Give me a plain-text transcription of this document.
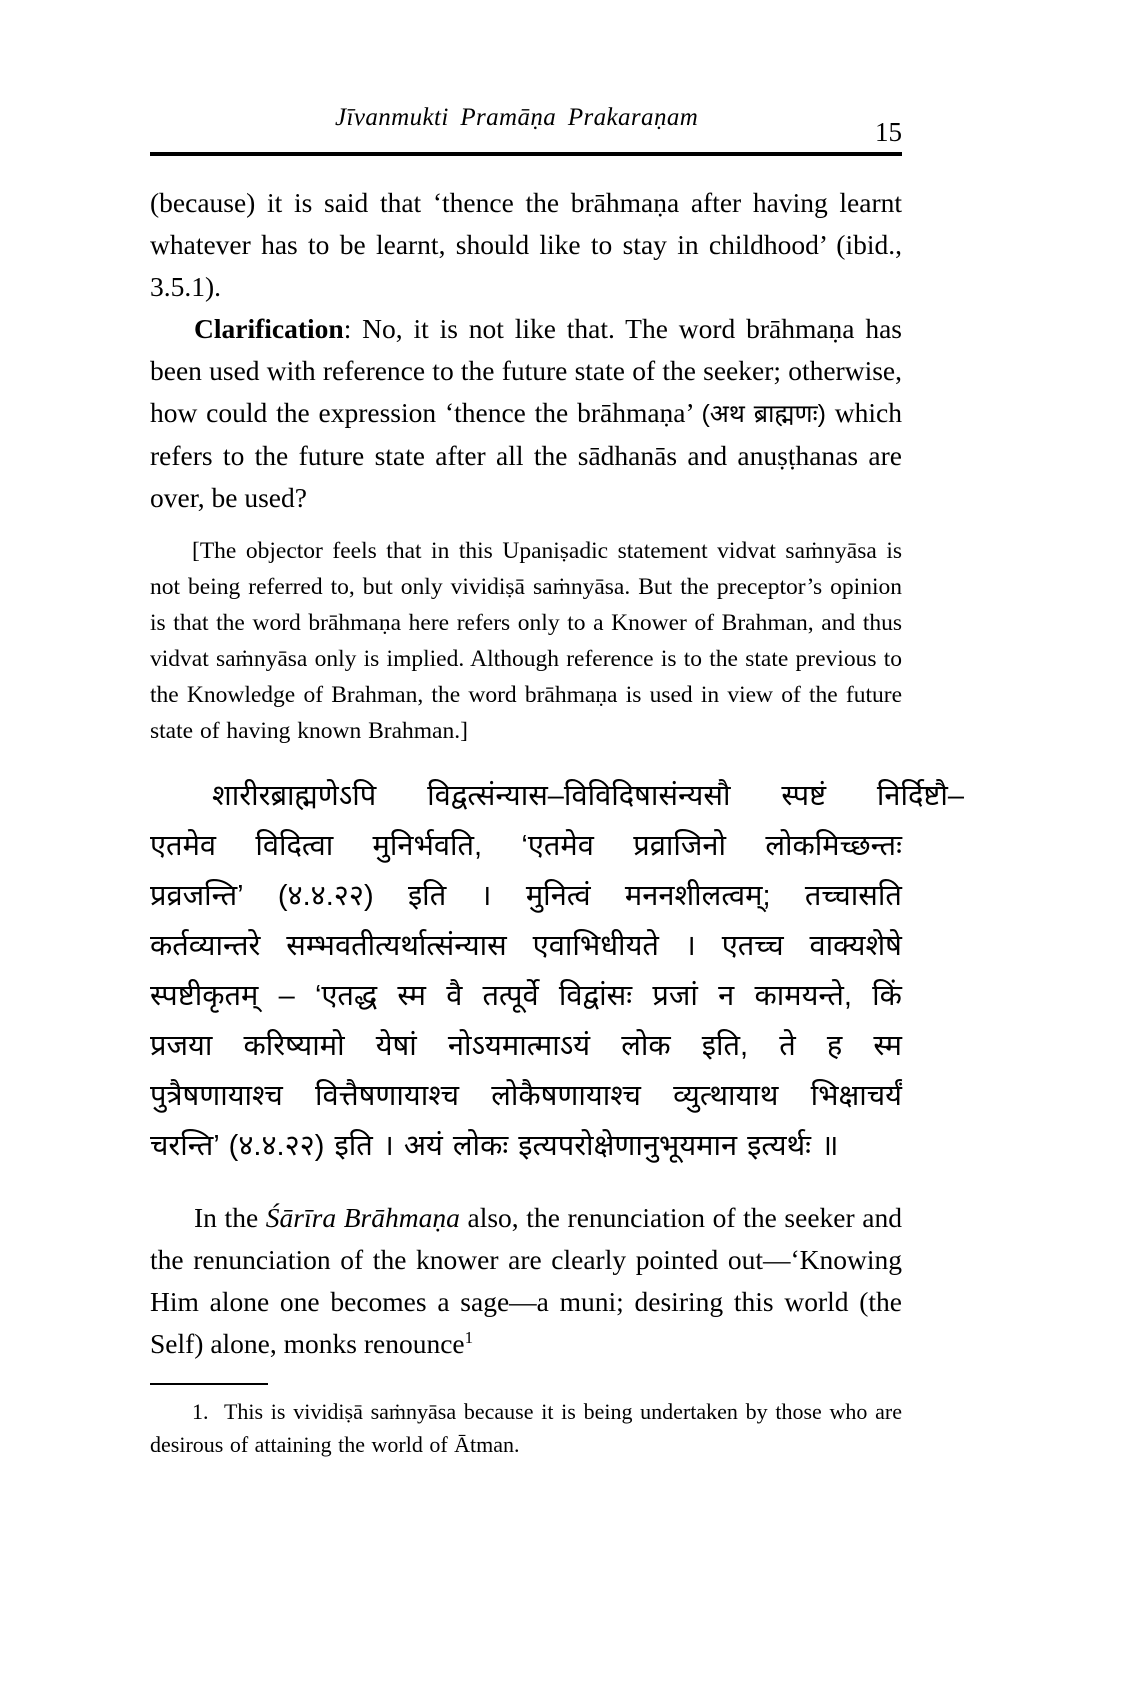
Jīvanmukti Pramāṇa Prakaraṇam	15

(because) it is said that ‘thence the brāhmaṇa after having learnt whatever has to be learnt, should like to stay in childhood’ (ibid., 3.5.1).

Clarification: No, it is not like that. The word brāhmaṇa has been used with reference to the future state of the seeker; otherwise, how could the expression ‘thence the brāhmaṇa’ (अथ ब्राह्मणः) which refers to the future state after all the sādhanās and anuṣṭhanas are over, be used?

[The objector feels that in this Upaniṣadic statement vidvat saṁnyāsa is not being referred to, but only vividiṣā saṁnyāsa. But the preceptor’s opinion is that the word brāhmaṇa here refers only to a Knower of Brahman, and thus vidvat saṁnyāsa only is implied. Although reference is to the state previous to the Knowledge of Brahman, the word brāhmaṇa is used in view of the future state of having known Brahman.]

शारीरब्राह्मणेऽपि विद्वत्संन्यास–विविदिषासंन्यसौ स्पष्टं निर्दिष्टौ–
एतमेव विदित्वा मुनिर्भवति, ‘एतमेव प्रव्राजिनो लोकमिच्छन्तः
प्रव्रजन्ति’ (४.४.२२) इति । मुनित्वं मननशीलत्वम्; तच्चासति
कर्तव्यान्तरे सम्भवतीत्यर्थात्संन्यास एवाभिधीयते । एतच्च वाक्यशेषे
स्पष्टीकृतम् – ‘एतद्ध स्म वै तत्पूर्वे विद्वांसः प्रजां न कामयन्ते, किं
प्रजया करिष्यामो येषां नोऽयमात्माऽयं लोक इति, ते ह स्म
पुत्रैषणायाश्च वित्तैषणायाश्च लोकैषणायाश्च व्युत्थायाथ भिक्षाचर्यं
चरन्ति’ (४.४.२२) इति । अयं लोकः इत्यपरोक्षेणानुभूयमान इत्यर्थः ॥

In the Śārīra Brāhmaṇa also, the renunciation of the seeker and the renunciation of the knower are clearly pointed out—‘Knowing Him alone one becomes a sage—a muni; desiring this world (the Self) alone, monks renounce$^1$

1. This is vividiṣā saṁnyāsa because it is being undertaken by those who are desirous of attaining the world of Ātman.
